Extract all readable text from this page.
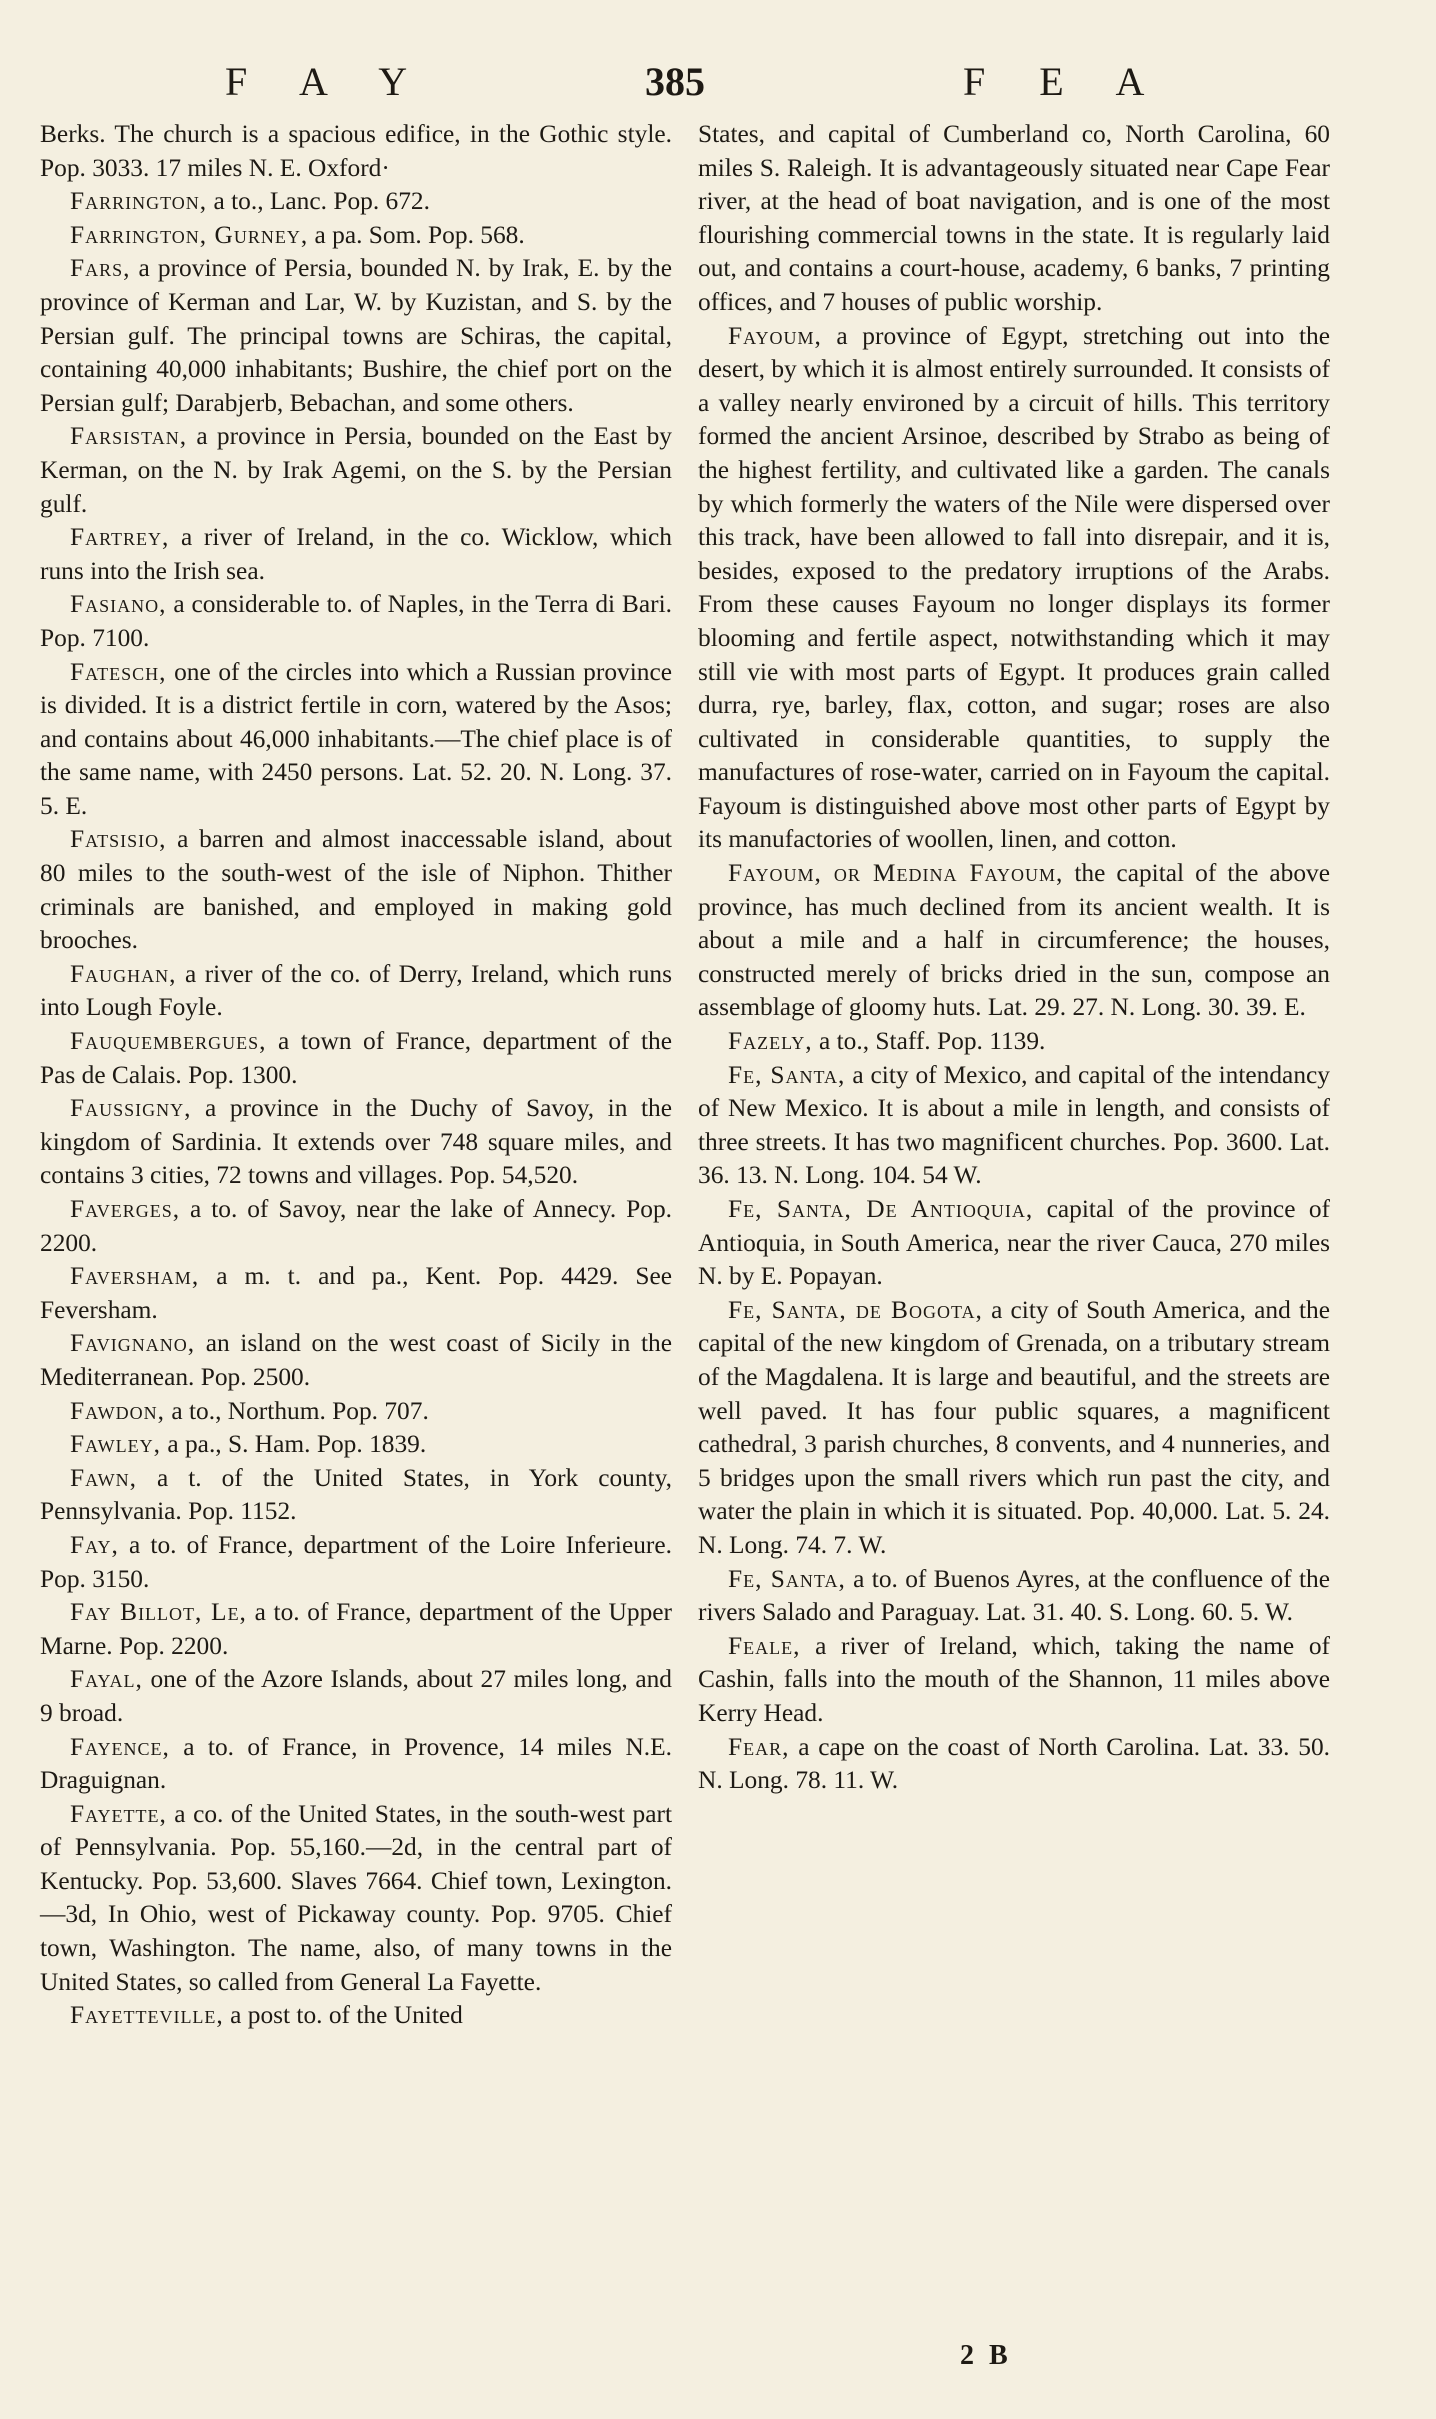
F A Y	385	F E A

Berks. The church is a spacious edifice, in the Gothic style. Pop. 3033. 17 miles N. E. Oxford·

Farrington, a to., Lanc. Pop. 672.

Farrington, Gurney, a pa. Som. Pop. 568.

Fars, a province of Persia, bounded N. by Irak, E. by the province of Kerman and Lar, W. by Kuzistan, and S. by the Persian gulf. The principal towns are Schiras, the capital, containing 40,000 inhabitants; Bushire, the chief port on the Persian gulf; Darabjerb, Bebachan, and some others.

Farsistan, a province in Persia, bounded on the East by Kerman, on the N. by Irak Agemi, on the S. by the Persian gulf.

Fartrey, a river of Ireland, in the co. Wicklow, which runs into the Irish sea.

Fasiano, a considerable to. of Naples, in the Terra di Bari. Pop. 7100.

Fatesch, one of the circles into which a Russian province is divided. It is a district fertile in corn, watered by the Asos; and contains about 46,000 inhabitants.—The chief place is of the same name, with 2450 persons. Lat. 52. 20. N. Long. 37. 5. E.

Fatsisio, a barren and almost inaccessable island, about 80 miles to the south-west of the isle of Niphon. Thither criminals are banished, and employed in making gold brooches.

Faughan, a river of the co. of Derry, Ireland, which runs into Lough Foyle.

Fauquembergues, a town of France, department of the Pas de Calais. Pop. 1300.

Faussigny, a province in the Duchy of Savoy, in the kingdom of Sardinia. It extends over 748 square miles, and contains 3 cities, 72 towns and villages. Pop. 54,520.

Faverges, a to. of Savoy, near the lake of Annecy. Pop. 2200.

Faversham, a m. t. and pa., Kent. Pop. 4429. See Feversham.

Favignano, an island on the west coast of Sicily in the Mediterranean. Pop. 2500.

Fawdon, a to., Northum. Pop. 707.

Fawley, a pa., S. Ham. Pop. 1839.

Fawn, a t. of the United States, in York county, Pennsylvania. Pop. 1152.

Fay, a to. of France, department of the Loire Inferieure. Pop. 3150.

Fay Billot, Le, a to. of France, department of the Upper Marne. Pop. 2200.

Fayal, one of the Azore Islands, about 27 miles long, and 9 broad.

Fayence, a to. of France, in Provence, 14 miles N.E. Draguignan.

Fayette, a co. of the United States, in the south-west part of Pennsylvania. Pop. 55,160.—2d, in the central part of Kentucky. Pop. 53,600. Slaves 7664. Chief town, Lexington.—3d, In Ohio, west of Pickaway county. Pop. 9705. Chief town, Washington. The name, also, of many towns in the United States, so called from General La Fayette.

Fayetteville, a post to. of the United

States, and capital of Cumberland co, North Carolina, 60 miles S. Raleigh. It is advantageously situated near Cape Fear river, at the head of boat navigation, and is one of the most flourishing commercial towns in the state. It is regularly laid out, and contains a court-house, academy, 6 banks, 7 printing offices, and 7 houses of public worship.

Fayoum, a province of Egypt, stretching out into the desert, by which it is almost entirely surrounded. It consists of a valley nearly environed by a circuit of hills. This territory formed the ancient Arsinoe, described by Strabo as being of the highest fertility, and cultivated like a garden. The canals by which formerly the waters of the Nile were dispersed over this track, have been allowed to fall into disrepair, and it is, besides, exposed to the predatory irruptions of the Arabs. From these causes Fayoum no longer displays its former blooming and fertile aspect, notwithstanding which it may still vie with most parts of Egypt. It produces grain called durra, rye, barley, flax, cotton, and sugar; roses are also cultivated in considerable quantities, to supply the manufactures of rose-water, carried on in Fayoum the capital. Fayoum is distinguished above most other parts of Egypt by its manufactories of woollen, linen, and cotton.

Fayoum, or Medina Fayoum, the capital of the above province, has much declined from its ancient wealth. It is about a mile and a half in circumference; the houses, constructed merely of bricks dried in the sun, compose an assemblage of gloomy huts. Lat. 29. 27. N. Long. 30. 39. E.

Fazely, a to., Staff. Pop. 1139.

Fe, Santa, a city of Mexico, and capital of the intendancy of New Mexico. It is about a mile in length, and consists of three streets. It has two magnificent churches. Pop. 3600. Lat. 36. 13. N. Long. 104. 54 W.

Fe, Santa, De Antioquia, capital of the province of Antioquia, in South America, near the river Cauca, 270 miles N. by E. Popayan.

Fe, Santa, de Bogota, a city of South America, and the capital of the new kingdom of Grenada, on a tributary stream of the Magdalena. It is large and beautiful, and the streets are well paved. It has four public squares, a magnificent cathedral, 3 parish churches, 8 convents, and 4 nunneries, and 5 bridges upon the small rivers which run past the city, and water the plain in which it is situated. Pop. 40,000. Lat. 5. 24. N. Long. 74. 7. W.

Fe, Santa, a to. of Buenos Ayres, at the confluence of the rivers Salado and Paraguay. Lat. 31. 40. S. Long. 60. 5. W.

Feale, a river of Ireland, which, taking the name of Cashin, falls into the mouth of the Shannon, 11 miles above Kerry Head.

Fear, a cape on the coast of North Carolina. Lat. 33. 50. N. Long. 78. 11. W.

2 B
